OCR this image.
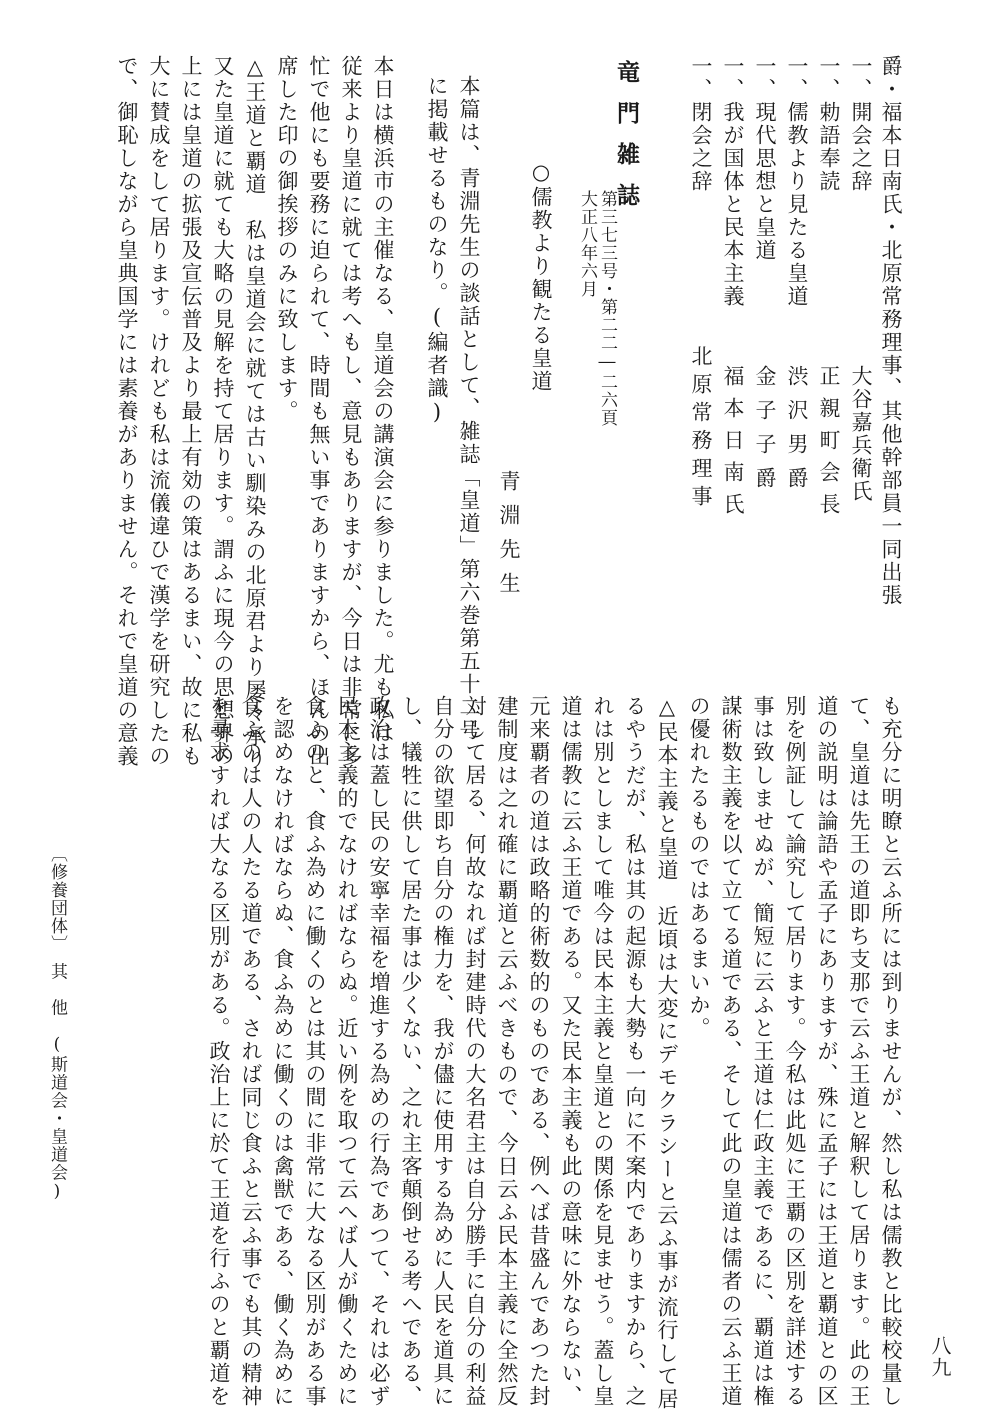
爵・福本日南氏・北原常務理事、其他幹部員一同出張
一、開会之辞
大谷嘉兵衛氏
一、勅語奉読
正親町会長
一、儒教より見たる皇道
渋沢男爵
一、現代思想と皇道
金子子爵
一、我が国体と民本主義
福本日南氏
一、閉会之辞
北原常務理事
竜門雑誌
第三七三号・第二二―二六頁
大正八年六月
○儒教より観たる皇道
青淵先生
本篇は、青淵先生の談話として、雑誌「皇道」第六巻第五十二号
に掲載せるものなり。(編者識)
本日は横浜市の主催なる、皇道会の講演会に参りました。尤も私は
従来より皇道に就ては考へもし、意見もありますが、今日は非常に多
忙で他にも要務に迫られて、時間も無い事でありますから、ほんの出
席した印の御挨拶のみに致します。
△王道と覇道　私は皇道会に就ては古い馴染みの北原君より屡々承り
又た皇道に就ても大略の見解を持て居ります。謂ふに現今の思想界の
上には皇道の拡張及宣伝普及より最上有効の策はあるまい、故に私も
大に賛成をして居ります。けれども私は流儀違ひで漢学を研究したの
で、御恥しながら皇典国学には素養がありません。それで皇道の意義
も充分に明瞭と云ふ所には到りませんが、然し私は儒教と比較校量し
て、皇道は先王の道即ち支那で云ふ王道と解釈して居ります。此の王
道の説明は論語や孟子にありますが、殊に孟子には王道と覇道との区
別を例証して論究して居ります。今私は此処に王覇の区別を詳述する
事は致しませぬが、簡短に云ふと王道は仁政主義であるに、覇道は権
謀術数主義を以て立てる道である、そして此の皇道は儒者の云ふ王道
の優れたるものではあるまいか。
△民本主義と皇道　近頃は大変にデモクラシーと云ふ事が流行して居
るやうだが、私は其の起源も大勢も一向に不案内でありますから、之
れは別としまして唯今は民本主義と皇道との関係を見ませう。蓋し皇
道は儒教に云ふ王道である。又た民本主義も此の意味に外ならない、
元来覇者の道は政略的術数的のものである、例へば昔盛んであつた封
建制度は之れ確に覇道と云ふべきもので、今日云ふ民本主義に全然反
対して居る、何故なれば封建時代の大名君主は自分勝手に自分の利益
自分の欲望即ち自分の権力を、我が儘に使用する為めに人民を道具に
し、犠牲に供して居た事は少くない、之れ主客顛倒せる考へである、
政治は蓋し民の安寧幸福を増進する為めの行為であつて、それは必ず
民本主義的でなければならぬ。近い例を取つて云へば人が働くために
食ふのと、食ふ為めに働くのとは其の間に非常に大なる区別がある事
を認めなければならぬ、食ふ為めに働くのは禽獣である、働く為めに
食ふのは人の人たる道である、されば同じ食ふと云ふ事でも其の精神
を尋求すれば大なる区別がある。政治上に於て王道を行ふのと覇道を
〔修養団体〕　其　他　(斯道会・皇道会)
八九
